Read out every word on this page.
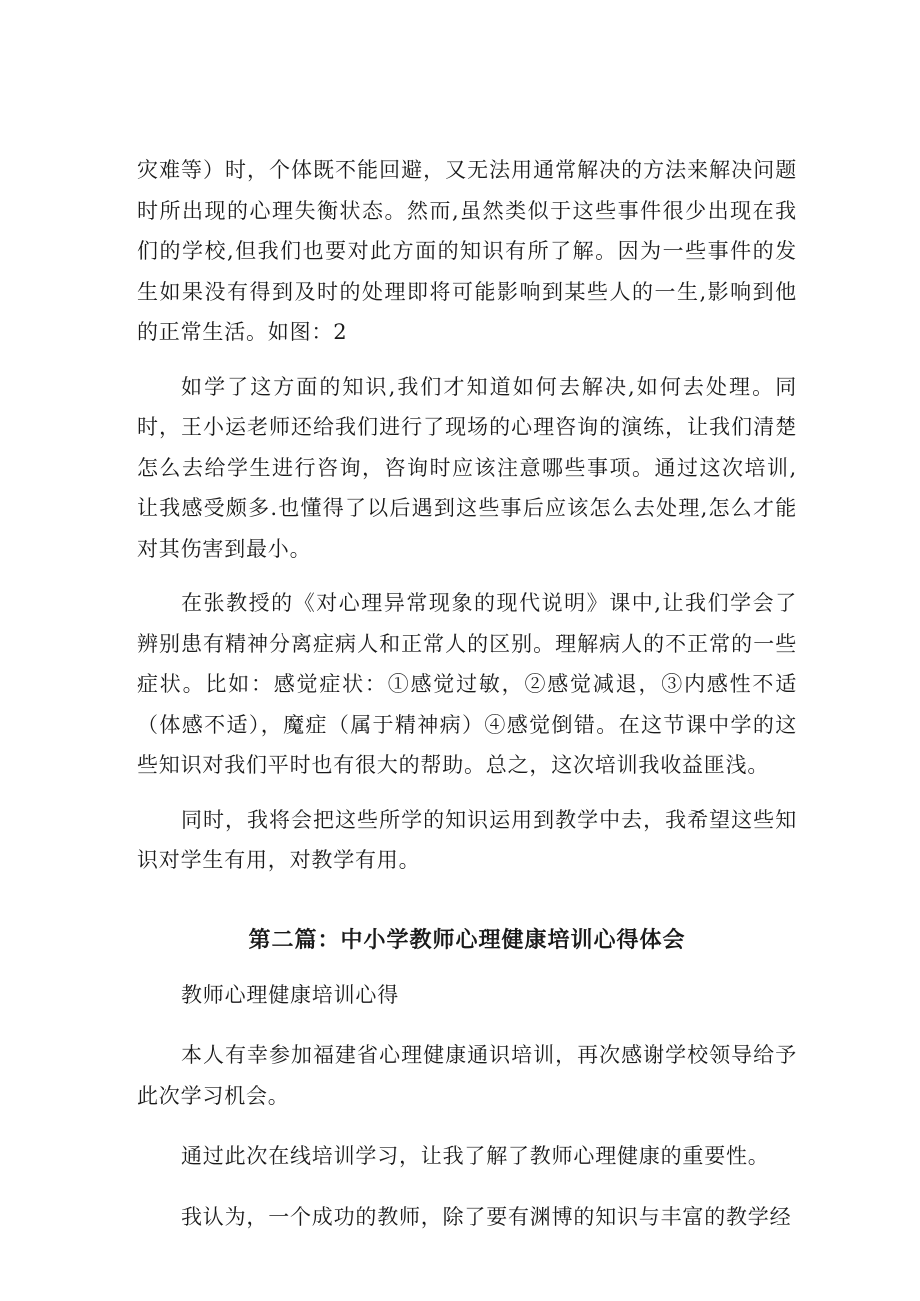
灾难等）时，个体既不能回避，又无法用通常解决的方法来解决问题时所出现的心理失衡状态。然而,虽然类似于这些事件很少出现在我们的学校,但我们也要对此方面的知识有所了解。因为一些事件的发生如果没有得到及时的处理即将可能影响到某些人的一生,影响到他的正常生活。如图：2

如学了这方面的知识,我们才知道如何去解决,如何去处理。同时，王小运老师还给我们进行了现场的心理咨询的演练，让我们清楚怎么去给学生进行咨询，咨询时应该注意哪些事项。通过这次培训,让我感受颇多.也懂得了以后遇到这些事后应该怎么去处理,怎么才能对其伤害到最小。

在张教授的《对心理异常现象的现代说明》课中,让我们学会了辨别患有精神分离症病人和正常人的区别。理解病人的不正常的一些症状。比如：感觉症状：①感觉过敏，②感觉减退，③内感性不适（体感不适），魔症（属于精神病）④感觉倒错。在这节课中学的这些知识对我们平时也有很大的帮助。总之，这次培训我收益匪浅。

同时，我将会把这些所学的知识运用到教学中去，我希望这些知识对学生有用，对教学有用。

第二篇：中小学教师心理健康培训心得体会

教师心理健康培训心得

本人有幸参加福建省心理健康通识培训，再次感谢学校领导给予此次学习机会。

通过此次在线培训学习，让我了解了教师心理健康的重要性。

我认为，一个成功的教师，除了要有渊博的知识与丰富的教学经
